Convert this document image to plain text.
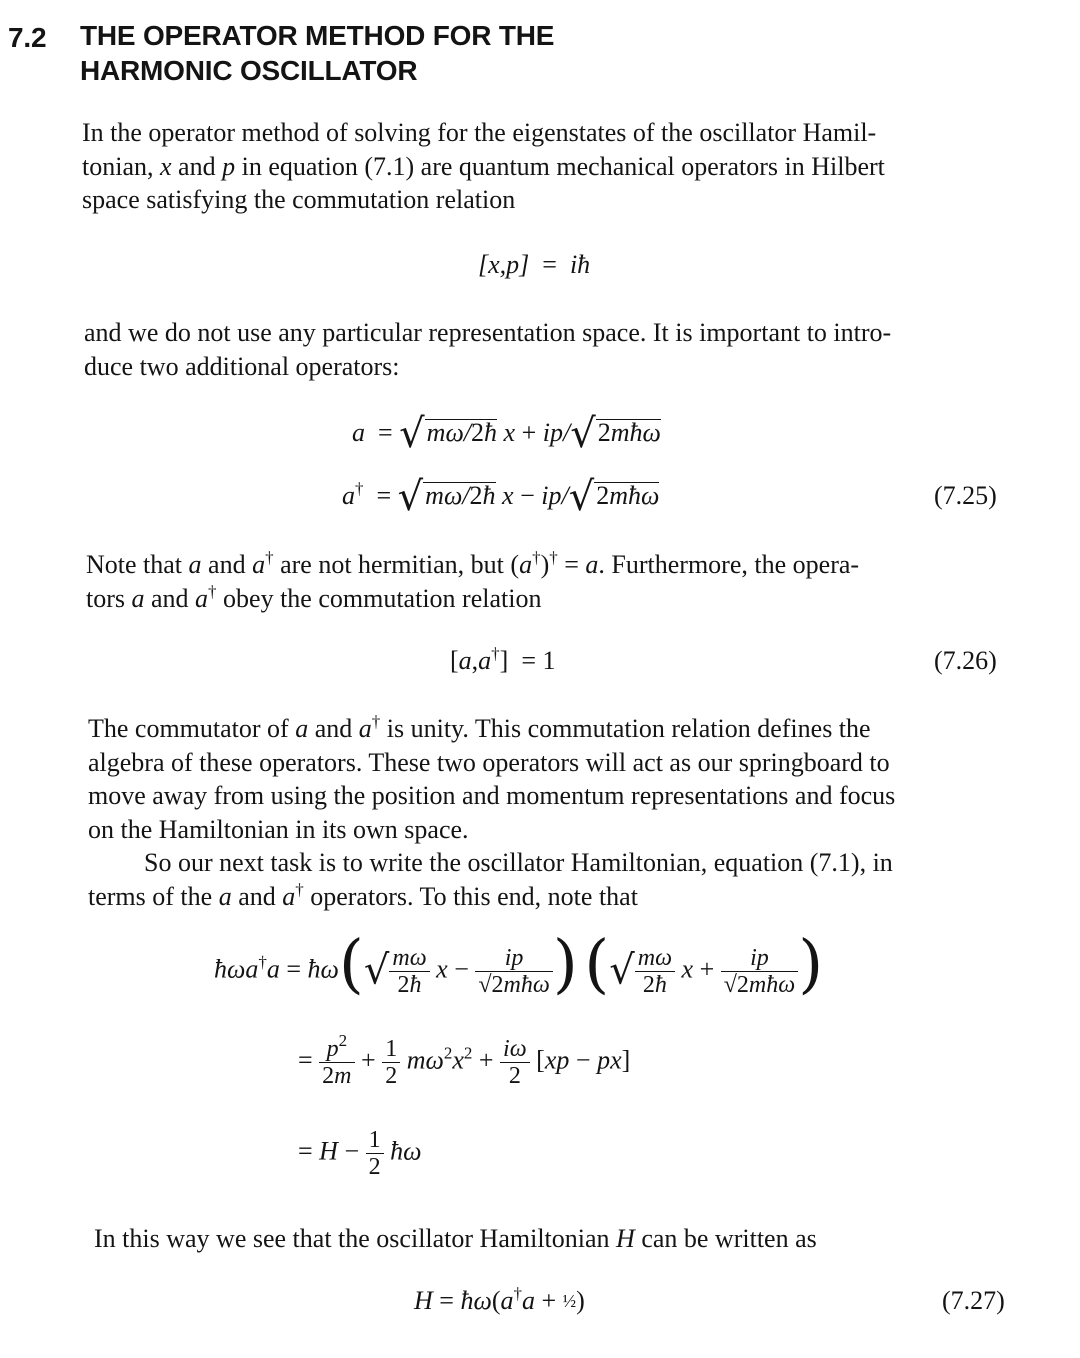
7.2 THE OPERATOR METHOD FOR THE
HARMONIC OSCILLATOR
In the operator method of solving for the eigenstates of the oscillator Hamil-
tonian, x and p in equation (7.1) are quantum mechanical operators in Hilbert
space satisfying the commutation relation
[x,p]  =  iħ
and we do not use any particular representation space. It is important to intro-
duce two additional operators:
a  = √mω/2ħ x + ip/√2mħω
a†  = √mω/2ħ x − ip/√2mħω	(7.25)
Note that a and a† are not hermitian, but (a†)† = a. Furthermore, the opera-
tors a and a† obey the commutation relation
[a,a†]  = 1	(7.26)
The commutator of a and a† is unity. This commutation relation defines the
algebra of these operators. These two operators will act as our springboard to
move away from using the position and momentum representations and focus
on the Hamiltonian in its own space.
So our next task is to write the oscillator Hamiltonian, equation (7.1), in
terms of the a and a† operators. To this end, note that
ħωa†a = ħω(√ $\frac{m\omega}{2ħ}$ $x - \frac{ip}{\text{√2mħω}}$ ) (√ $\frac{m\omega}{2ħ}$ $x + \frac{ip}{\text{√2mħω}}$ )
= $\frac{p^2}{2m} + \frac{1}{2} m\omega^2x^2 + \frac{i\omega}{2} [xp - px]$
= $H - \frac{1}{2}$ ħω
In this way we see that the oscillator Hamiltonian H can be written as
H = ħω(a†a + ½)	(7.27)
